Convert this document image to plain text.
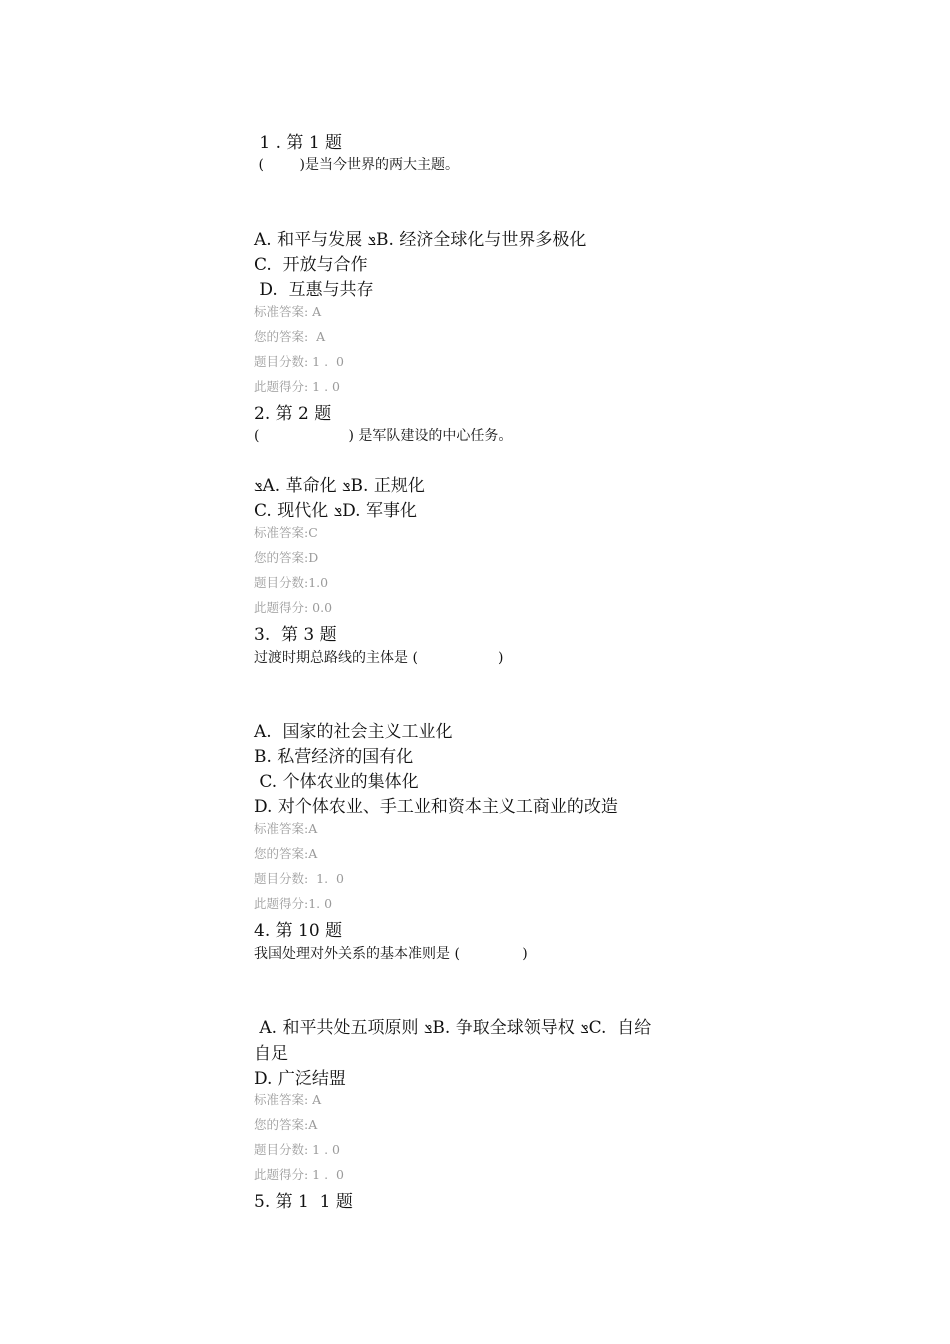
1 . 第 1 题
(        )是当今世界的两大主题。
A. 和平与发展 ݏB. 经济全球化与世界多极化
C.  开放与合作
D.  互惠与共存
标准答案: A
您的答案:  A
题目分数: 1 .  0
此题得分: 1 . 0
2. 第 2 题
(                    ) 是军队建设的中心任务。
ݏA. 革命化 ݏB. 正规化
C. 现代化 ݏD. 军事化
标准答案:C
您的答案:D
题目分数:1.0
此题得分: 0.0
3.  第 3 题
过渡时期总路线的主体是 (                  )
A.  国家的社会主义工业化
B. 私营经济的国有化
C. 个体农业的集体化
D. 对个体农业、手工业和资本主义工商业的改造
标准答案:A
您的答案:A
题目分数:  1.  0
此题得分:1. 0
4. 第 10 题
我国处理对外关系的基本准则是 (              )
A. 和平共处五项原则 ݏB. 争取全球领导权 ݏC.  自给
自足
D. 广泛结盟
标准答案: A
您的答案:A
题目分数: 1 . 0
此题得分: 1 .  0
5. 第 1  1 题
